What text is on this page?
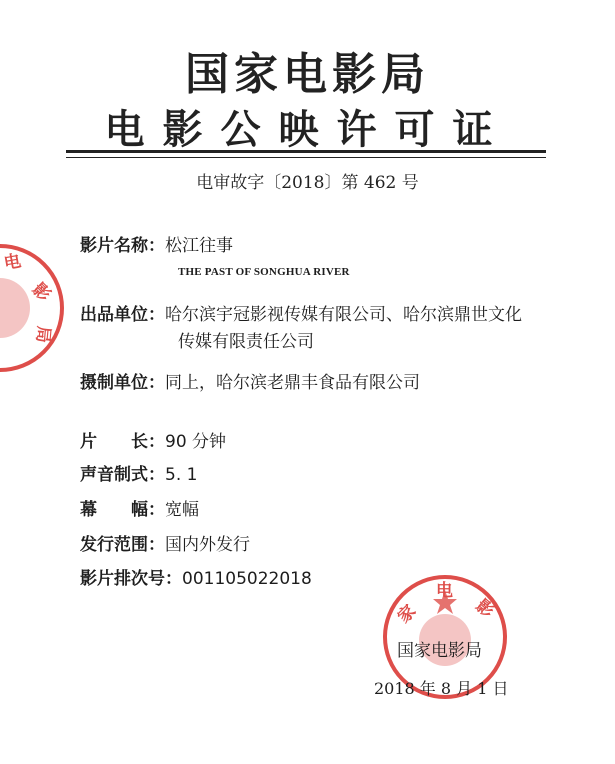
国家电影局
电影公映许可证
电审故字〔2018〕第 462 号
影片名称：松江往事
THE PAST OF SONGHUA RIVER
出品单位：哈尔滨宇冠影视传媒有限公司、哈尔滨鼎世文化
传媒有限责任公司
摄制单位：同上，哈尔滨老鼎丰食品有限公司
片　　长：90 分钟
声音制式：5. 1
幕　　幅：宽幅
发行范围：国内外发行
影片排次号：001105022018
电
影
局
家
电
影
国家电影局
2018 年 8 月 1 日
